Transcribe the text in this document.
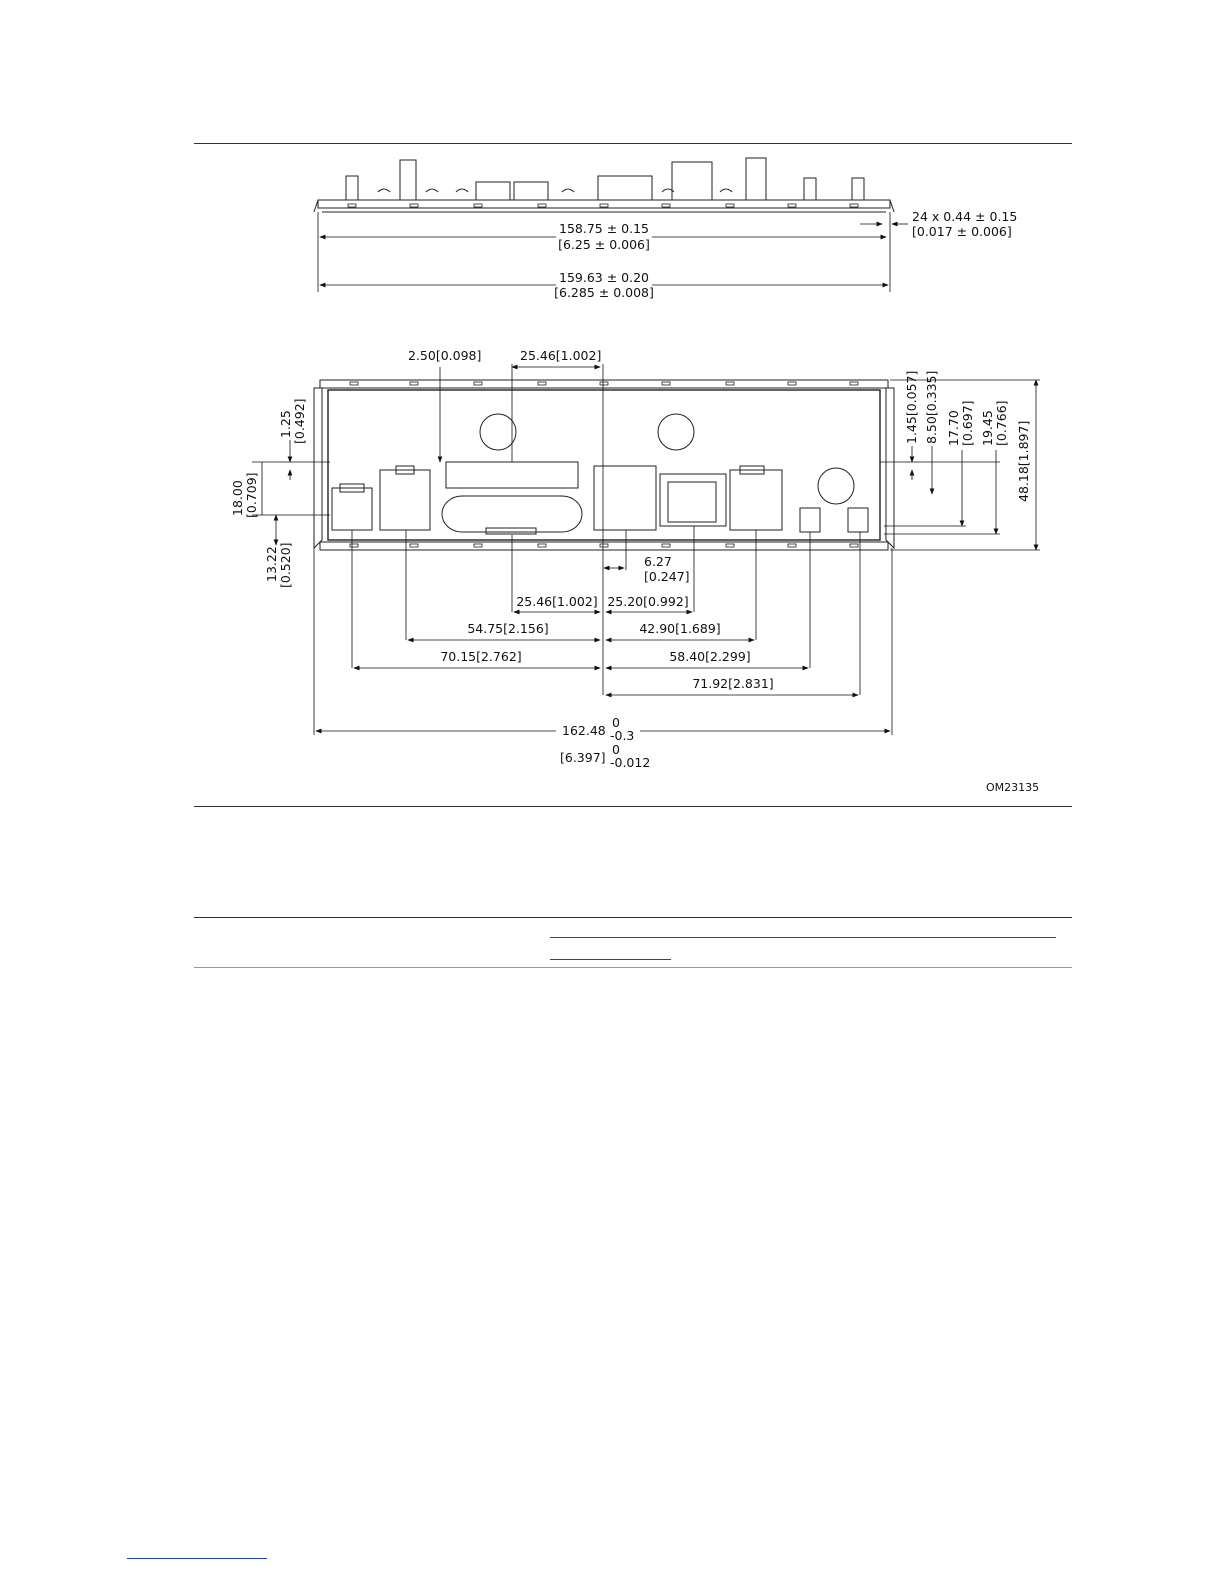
158.75 ± 0.15
[6.25 ± 0.006]
159.63 ± 0.20
[6.285 ± 0.008]
24 x 0.44 ± 0.15
[0.017 ± 0.006]
2.50[0.098]	25.46[1.002]
1.25 [0.492]
18.00 [0.709]
13.22 [0.520]
1.45[0.057] 8.50[0.335] 17.70 [0.697] 19.45 [0.766] 48.18[1.897]
6.27
[0.247]
25.46[1.002] 25.20[0.992]
54.75[2.156]	42.90[1.689]
70.15[2.762]	58.40[2.299]
71.92[2.831]
162.48
0
-0.3
[6.397]
0
-0.012
OM23135
